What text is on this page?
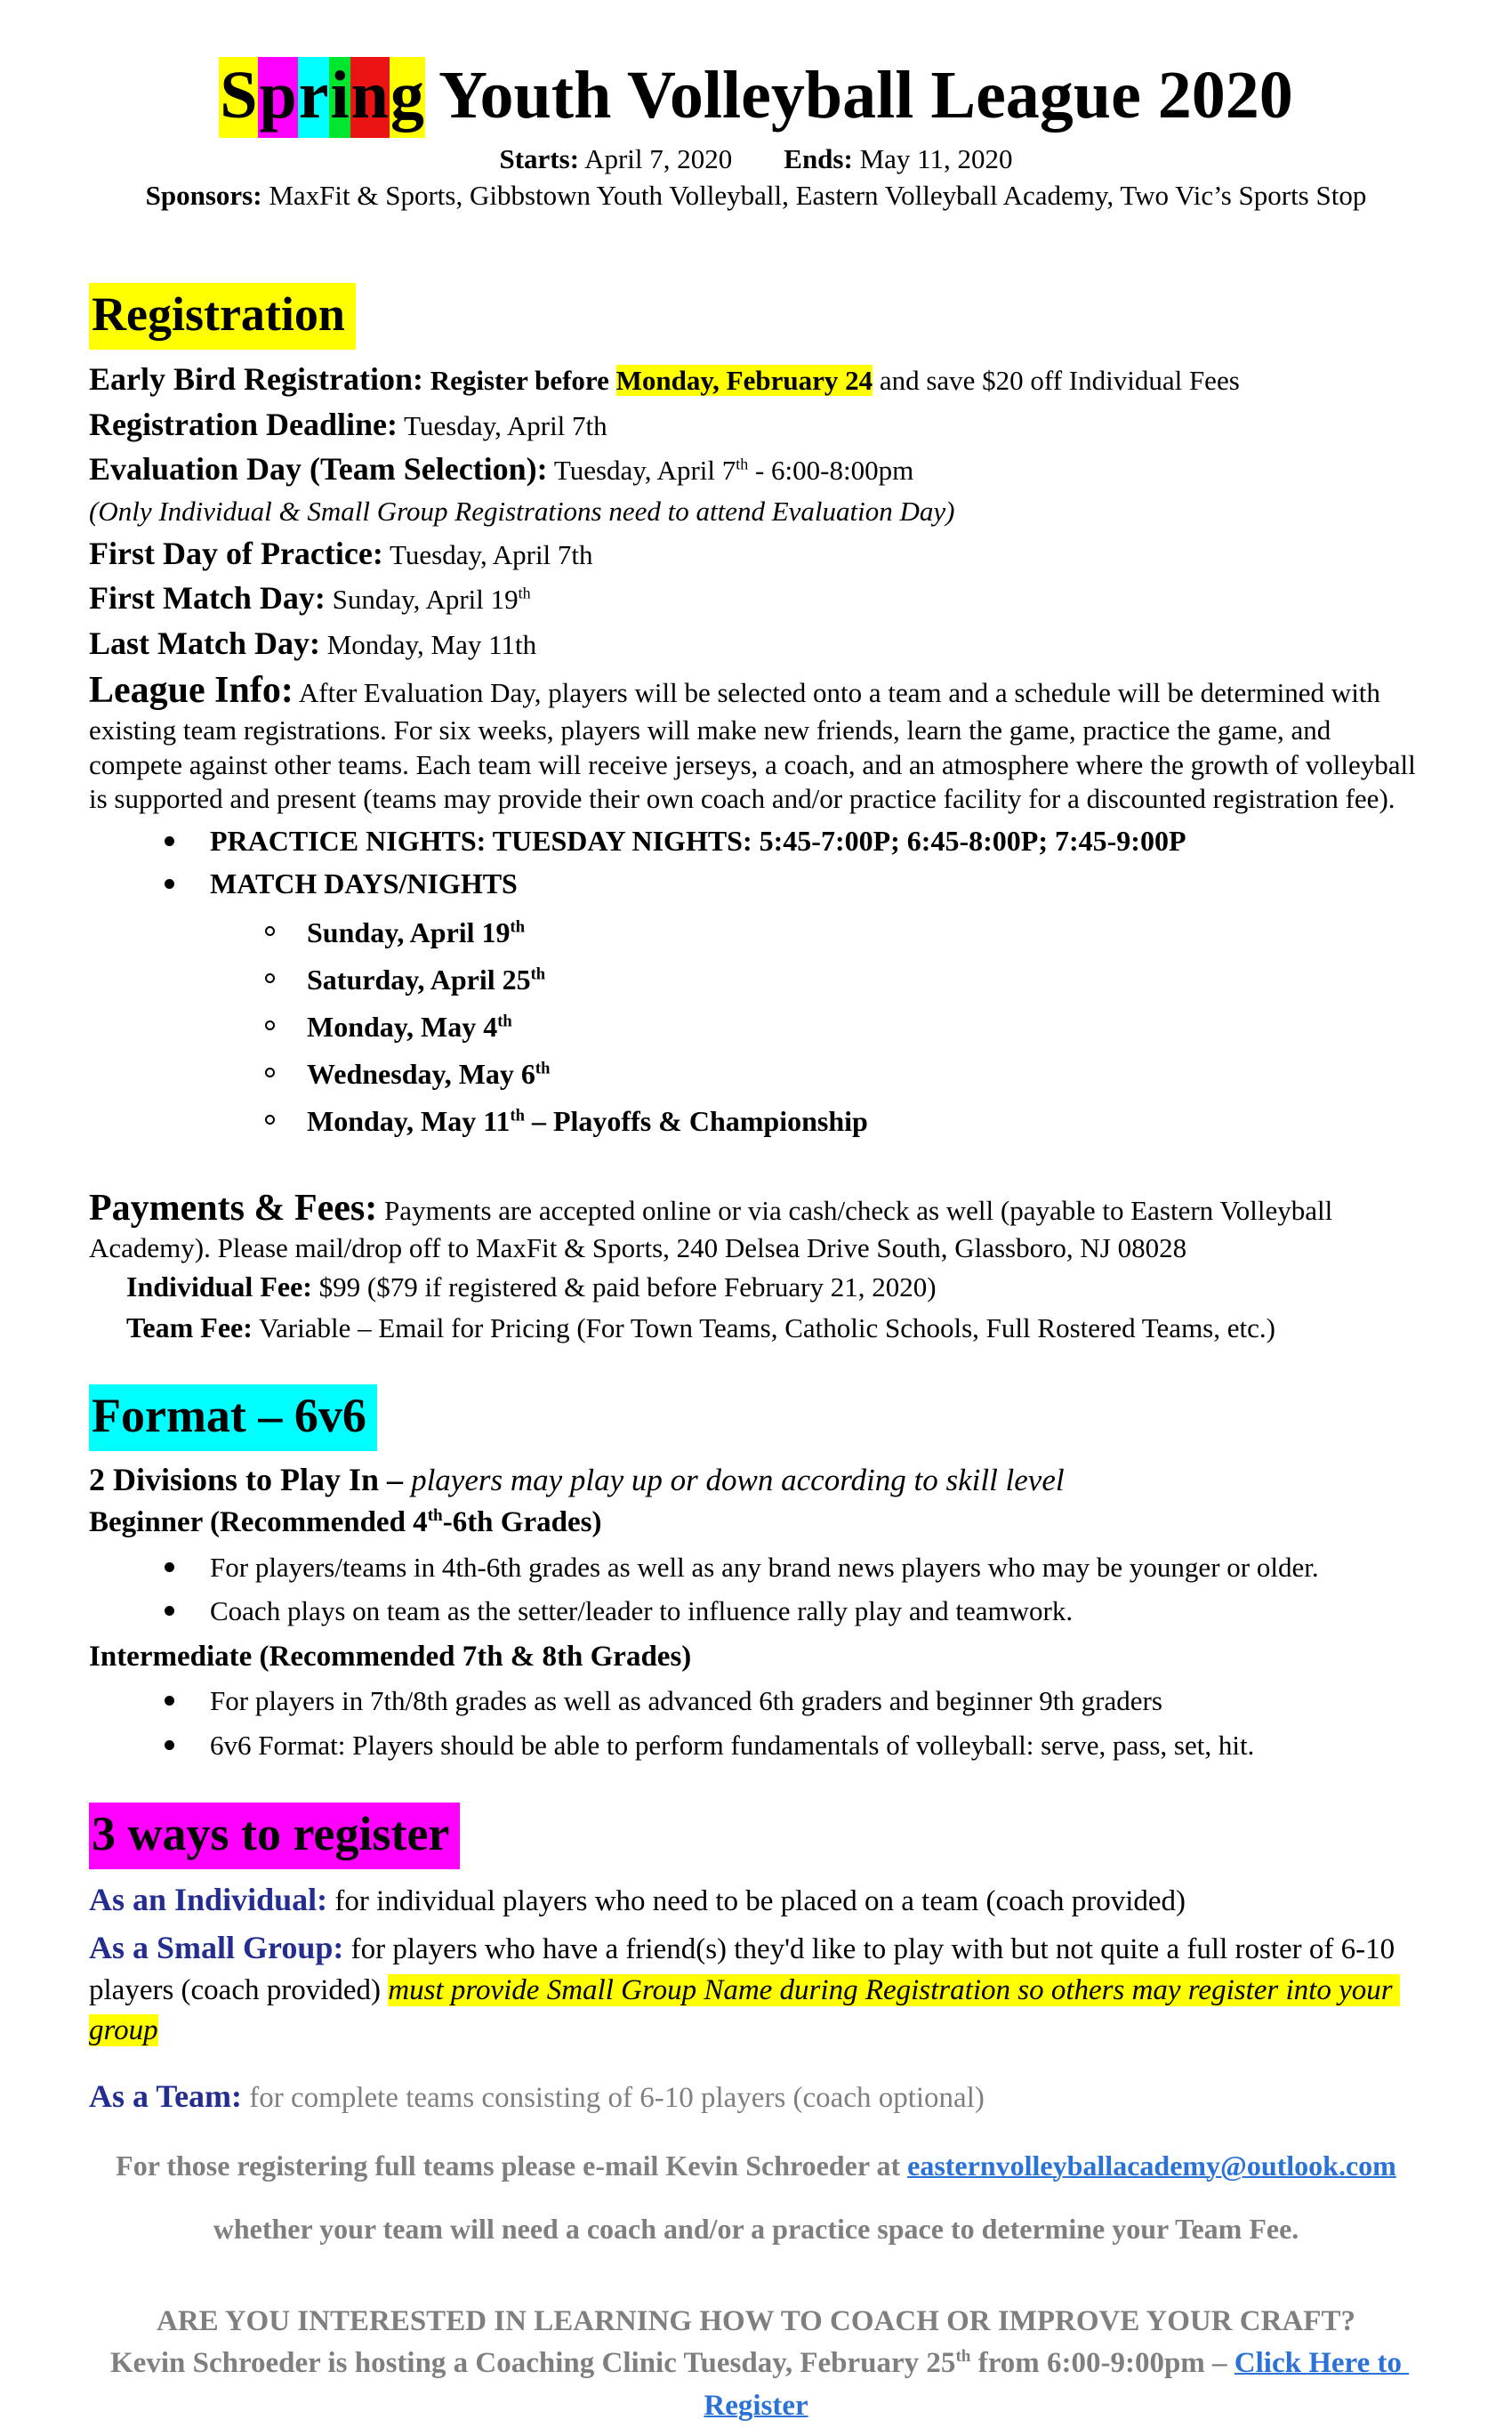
Spring Youth Volleyball League 2020
Starts: April 7, 2020 Ends: May 11, 2020
Sponsors: MaxFit & Sports, Gibbstown Youth Volleyball, Eastern Volleyball Academy, Two Vic’s Sports Stop
Registration
Early Bird Registration: Register before Monday, February 24 and save $20 off Individual Fees
Registration Deadline: Tuesday, April 7th
Evaluation Day (Team Selection): Tuesday, April 7th - 6:00-8:00pm
(Only Individual & Small Group Registrations need to attend Evaluation Day)
First Day of Practice: Tuesday, April 7th
First Match Day: Sunday, April 19th
Last Match Day: Monday, May 11th

League Info: After Evaluation Day, players will be selected onto a team and a schedule will be determined with existing team registrations. For six weeks, players will make new friends, learn the game, practice the game, and compete against other teams. Each team will receive jerseys, a coach, and an atmosphere where the growth of volleyball is supported and present (teams may provide their own coach and/or practice facility for a discounted registration fee).

PRACTICE NIGHTS: TUESDAY NIGHTS: 5:45-7:00P; 6:45-8:00P; 7:45-9:00P
MATCH DAYS/NIGHTS
Sunday, April 19th
Saturday, April 25th
Monday, May 4th
Wednesday, May 6th
Monday, May 11th – Playoffs & Championship

Payments & Fees: Payments are accepted online or via cash/check as well (payable to Eastern Volleyball Academy). Please mail/drop off to MaxFit & Sports, 240 Delsea Drive South, Glassboro, NJ 08028

Individual Fee: $99 ($79 if registered & paid before February 21, 2020)
Team Fee: Variable – Email for Pricing (For Town Teams, Catholic Schools, Full Rostered Teams, etc.)
Format – 6v6
2 Divisions to Play In – players may play up or down according to skill level
Beginner (Recommended 4th-6th Grades)
For players/teams in 4th-6th grades as well as any brand news players who may be younger or older.
Coach plays on team as the setter/leader to influence rally play and teamwork.
Intermediate (Recommended 7th & 8th Grades)
For players in 7th/8th grades as well as advanced 6th graders and beginner 9th graders
6v6 Format: Players should be able to perform fundamentals of volleyball: serve, pass, set, hit.
3 ways to register
As an Individual: for individual players who need to be placed on a team (coach provided)
As a Small Group: for players who have a friend(s) they'd like to play with but not quite a full roster of 6-10 players (coach provided) must provide Small Group Name during Registration so others may register into your group
As a Team: for complete teams consisting of 6-10 players (coach optional)
For those registering full teams please e-mail Kevin Schroeder at easternvolleyballacademy@outlook.com
whether your team will need a coach and/or a practice space to determine your Team Fee.
ARE YOU INTERESTED IN LEARNING HOW TO COACH OR IMPROVE YOUR CRAFT?
Kevin Schroeder is hosting a Coaching Clinic Tuesday, February 25th from 6:00-9:00pm – Click Here to Register
